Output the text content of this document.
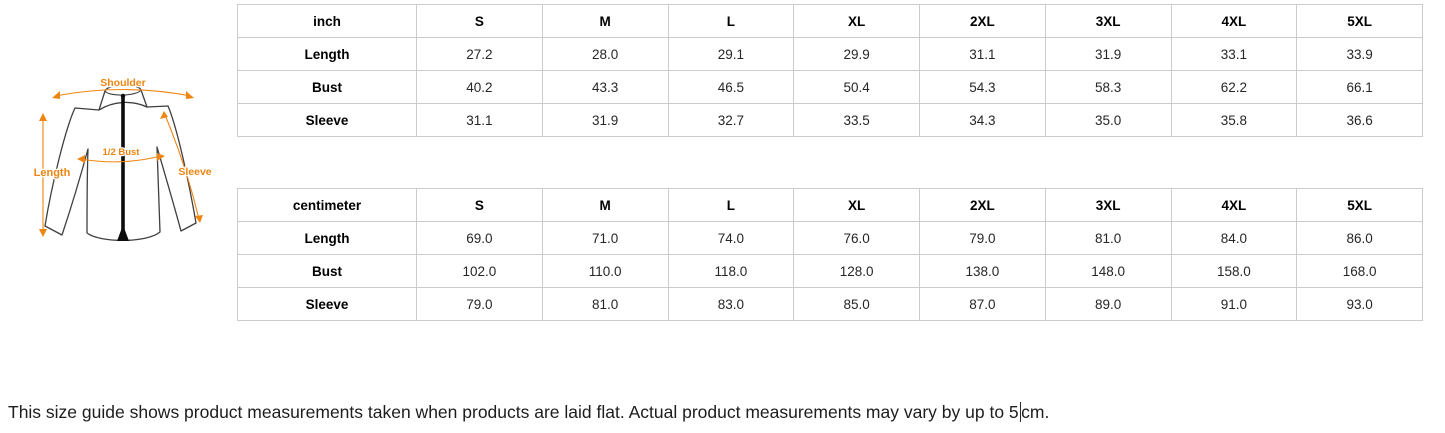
Shoulder
Length
1/2 Bust
Sleeve
inch	S	M	L	XL	2XL	3XL	4XL	5XL
Length	27.2	28.0	29.1	29.9	31.1	31.9	33.1	33.9
Bust	40.2	43.3	46.5	50.4	54.3	58.3	62.2	66.1
Sleeve	31.1	31.9	32.7	33.5	34.3	35.0	35.8	36.6
centimeter	S	M	L	XL	2XL	3XL	4XL	5XL
Length	69.0	71.0	74.0	76.0	79.0	81.0	84.0	86.0
Bust	102.0	110.0	118.0	128.0	138.0	148.0	158.0	168.0
Sleeve	79.0	81.0	83.0	85.0	87.0	89.0	91.0	93.0

This size guide shows product measurements taken when products are laid flat. Actual product measurements may vary by up to 5 cm.
